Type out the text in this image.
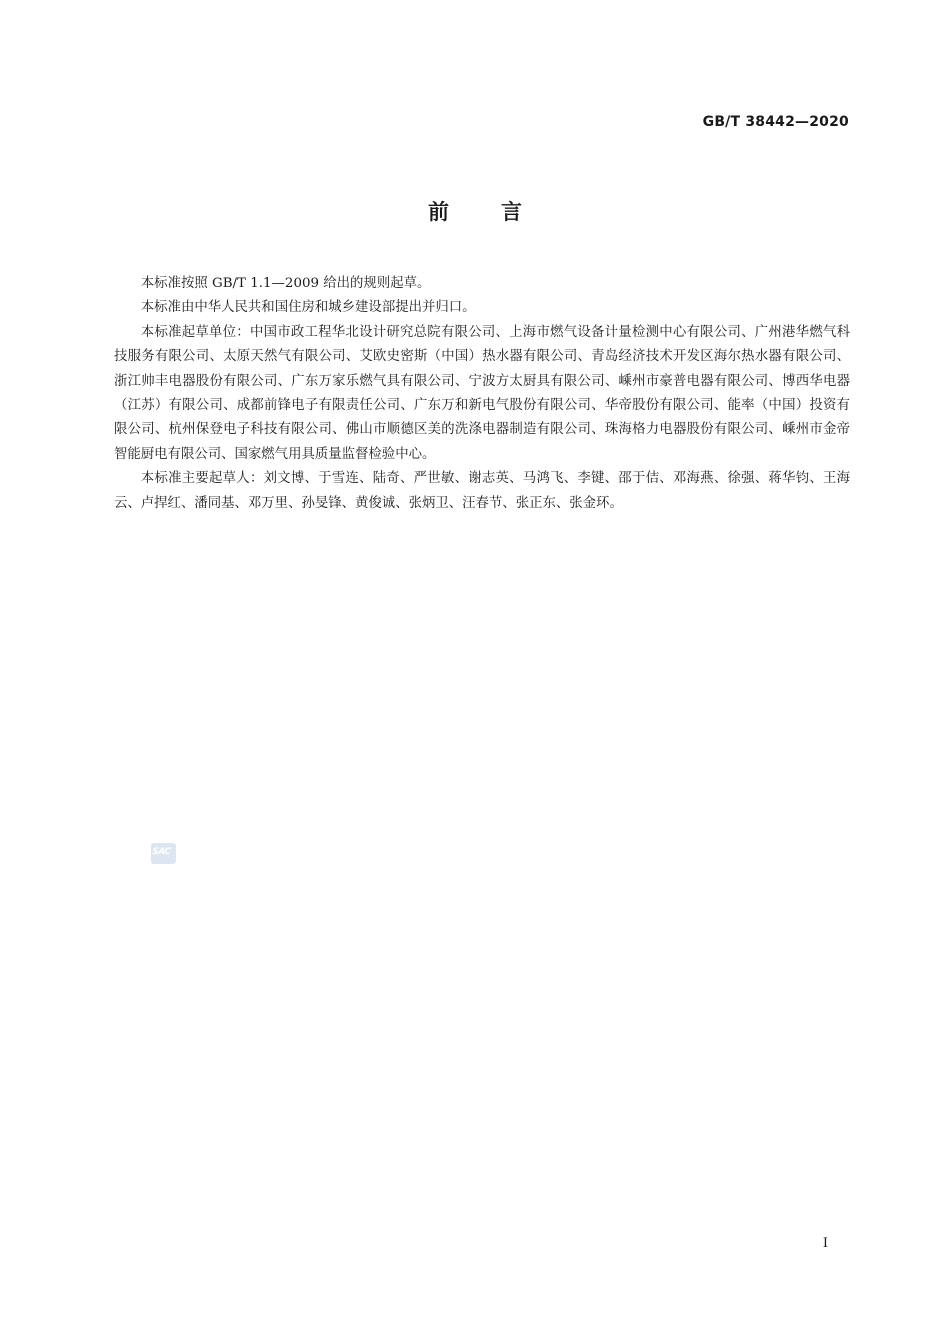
GB/T 38442—2020
前言

本标准按照 GB/T 1.1—2009 给出的规则起草。

本标准由中华人民共和国住房和城乡建设部提出并归口。

本标准起草单位：中国市政工程华北设计研究总院有限公司、上海市燃气设备计量检测中心有限公司、广州港华燃气科技服务有限公司、太原天然气有限公司、艾欧史密斯（中国）热水器有限公司、青岛经济技术开发区海尔热水器有限公司、浙江帅丰电器股份有限公司、广东万家乐燃气具有限公司、宁波方太厨具有限公司、嵊州市豪普电器有限公司、博西华电器（江苏）有限公司、成都前锋电子有限责任公司、广东万和新电气股份有限公司、华帝股份有限公司、能率（中国）投资有限公司、杭州保登电子科技有限公司、佛山市顺德区美的洗涤电器制造有限公司、珠海格力电器股份有限公司、嵊州市金帝智能厨电有限公司、国家燃气用具质量监督检验中心。

本标准主要起草人：刘文博、于雪连、陆奇、严世敏、谢志英、马鸿飞、李键、邵于佶、邓海燕、徐强、蒋华钧、王海云、卢捍红、潘同基、邓万里、孙旻锋、黄俊诚、张炳卫、汪春节、张正东、张金环。

SAC
I
